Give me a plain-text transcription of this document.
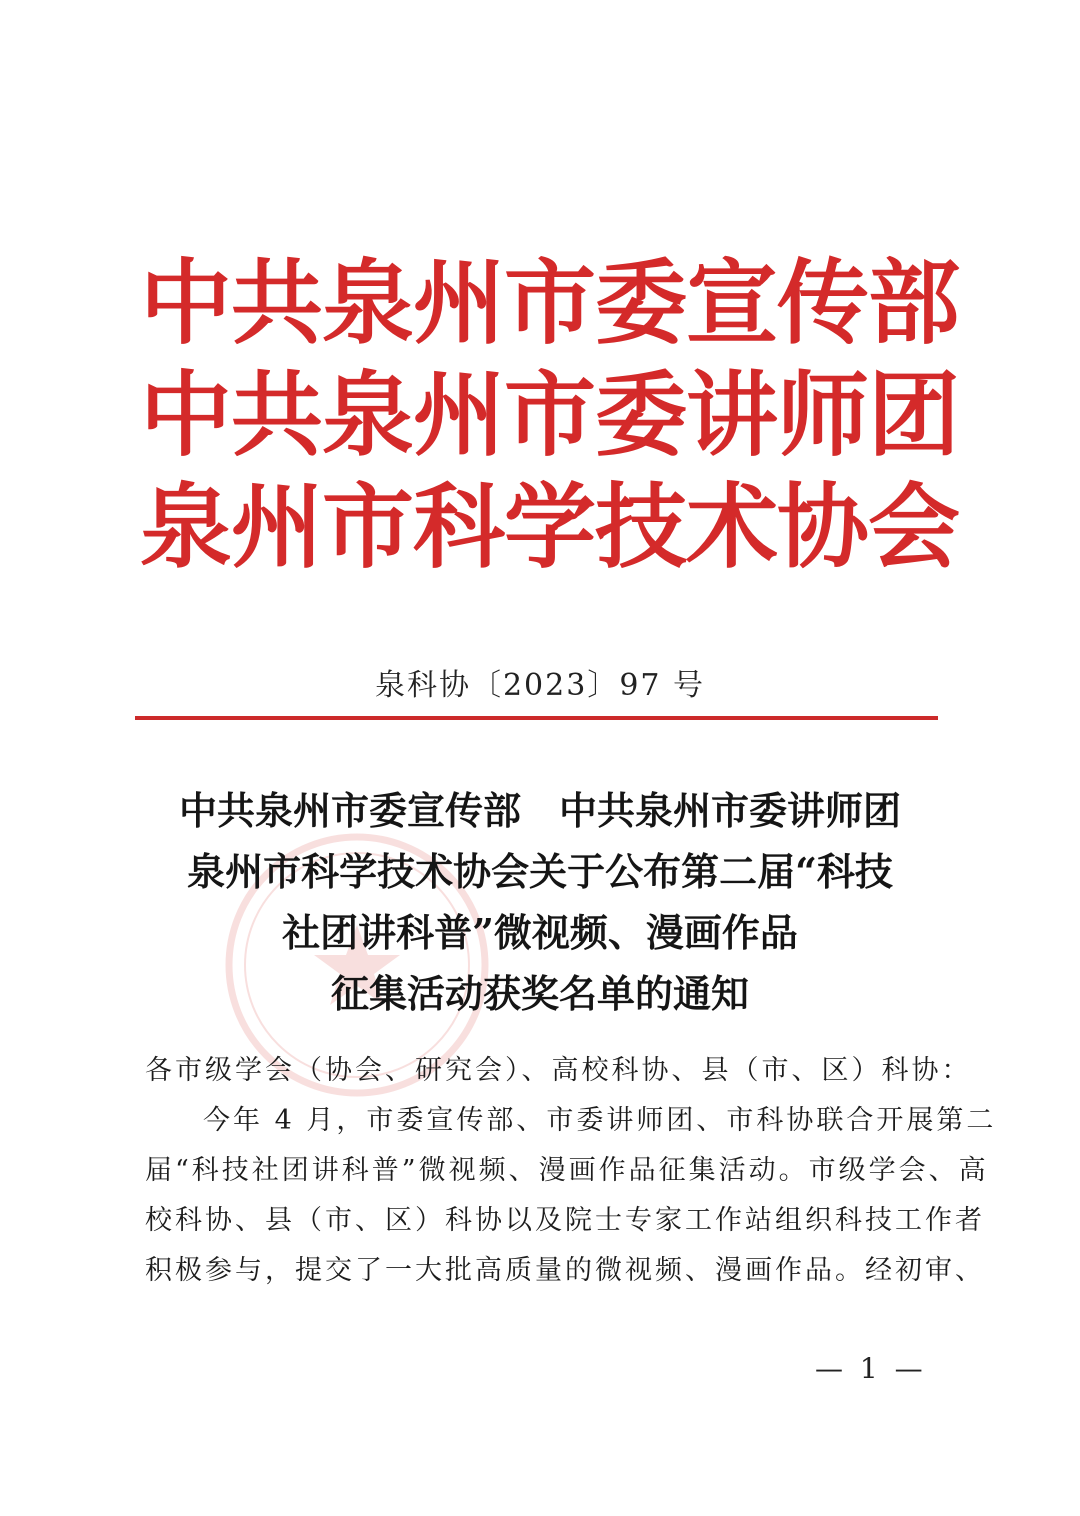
中共泉州市委宣传部
中共泉州市委讲师团
泉州市科学技术协会
泉科协〔2023〕97 号
中共泉州市委宣传部　中共泉州市委讲师团
泉州市科学技术协会关于公布第二届“科技
社团讲科普”微视频、漫画作品
征集活动获奖名单的通知
各市级学会（协会、研究会）、高校科协、县（市、区）科协：
今年 4 月，市委宣传部、市委讲师团、市科协联合开展第二
届“科技社团讲科普”微视频、漫画作品征集活动。市级学会、高
校科协、县（市、区）科协以及院士专家工作站组织科技工作者
积极参与，提交了一大批高质量的微视频、漫画作品。经初审、
— 1 —
